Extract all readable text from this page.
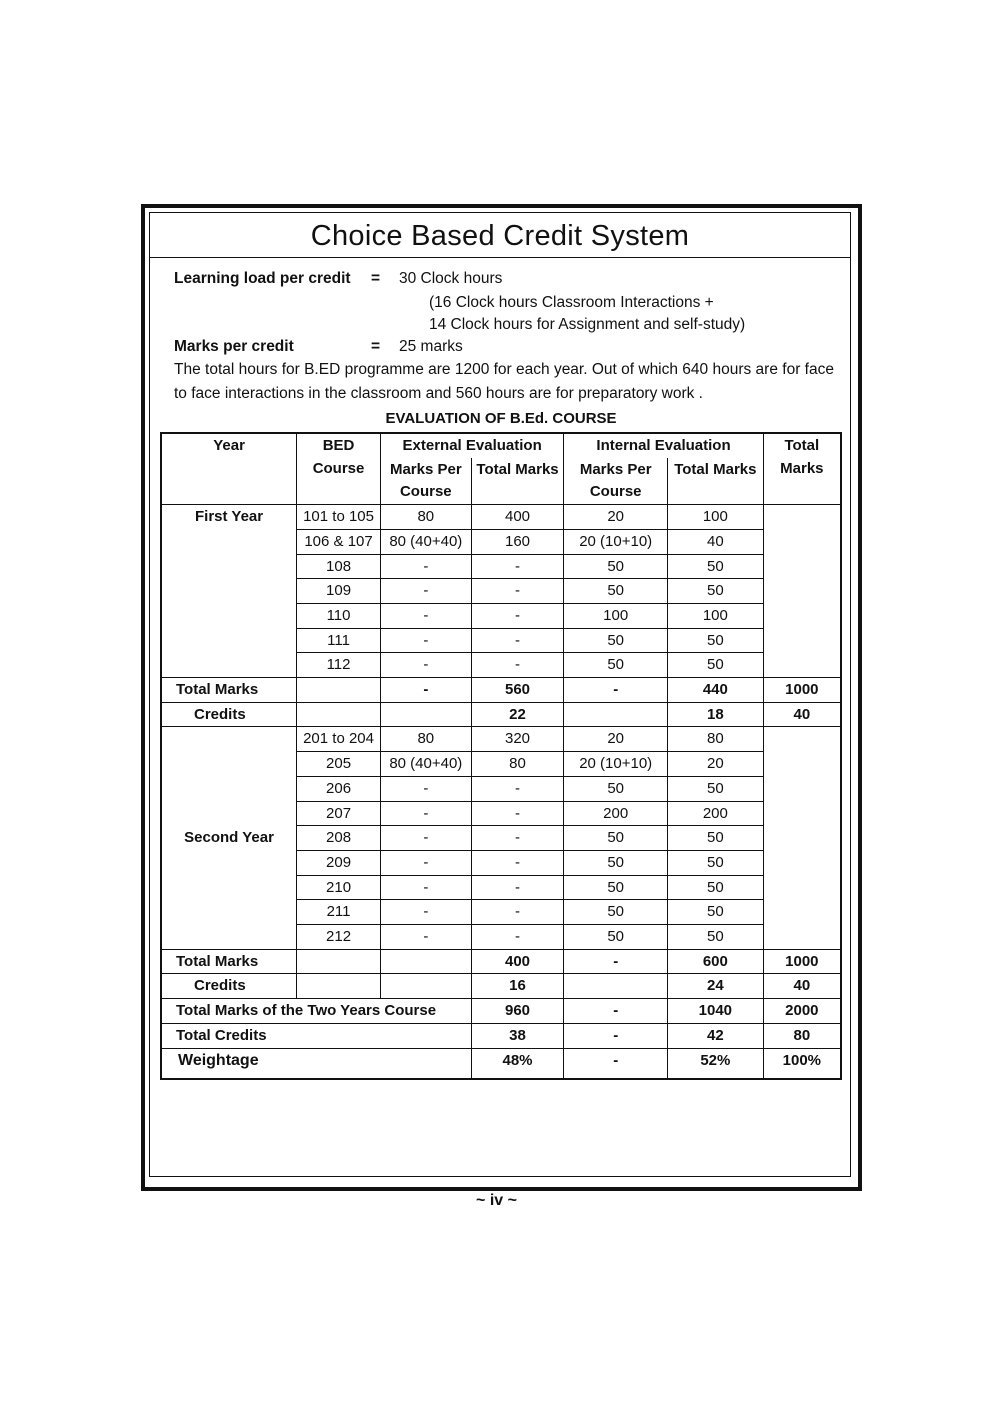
Choice Based Credit System
Learning load per credit = 30 Clock hours
(16 Clock hours Classroom Interactions +
14 Clock hours for Assignment and self-study)
Marks per credit	= 25 marks
The total hours for B.ED programme are 1200 for each year. Out of which 640 hours are for face to face interactions in the classroom and 560 hours are for preparatory work .
EVALUATION OF B.Ed. COURSE
Year	BED Course	External Evaluation		Internal Evaluation		Total Marks
		Marks Per Course	Total Marks	Marks Per Course	Total Marks	
First Year	101 to 105	80	400	20	100	
	106 & 107	80 (40+40)	160	20 (10+10)	40	
	108	-	-	50	50	
	109	-	-	50	50	
	110	-	-	100	100	
	111	-	-	50	50	
	112	-	-	50	50	
Total Marks		-	560	-	440	1000
Credits			22		18	40
Second Year	201 to 204	80	320	20	80	
	205	80 (40+40)	80	20 (10+10)	20	
	206	-	-	50	50	
	207	-	-	200	200	
	208	-	-	50	50	
	209	-	-	50	50	
	210	-	-	50	50	
	211	-	-	50	50	
	212	-	-	50	50	
Total Marks			400	-	600	1000
Credits			16		24	40
Total Marks of the Two Years Course			960	-	1040	2000
Total Credits			38	-	42	80
Weightage			48%	-	52%	100%
~ iv ~
